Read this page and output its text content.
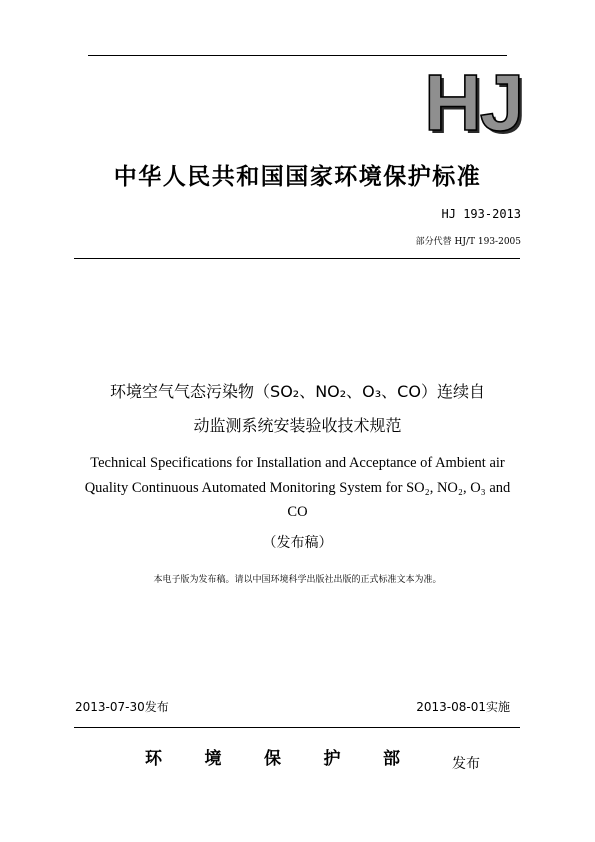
HJ
中华人民共和国国家环境保护标准
HJ 193-2013
部分代替 HJ/T 193-2005
环境空气气态污染物（SO₂、NO₂、O₃、CO）连续自
动监测系统安装验收技术规范
Technical Specifications for Installation and Acceptance of Ambient air
Quality Continuous Automated Monitoring System for SO₂, NO₂, O₃ and
CO
（发布稿）
本电子版为发布稿。请以中国环境科学出版社出版的正式标准文本为准。
2013-07-30发布	2013-08-01实施
环境保护部	发布
